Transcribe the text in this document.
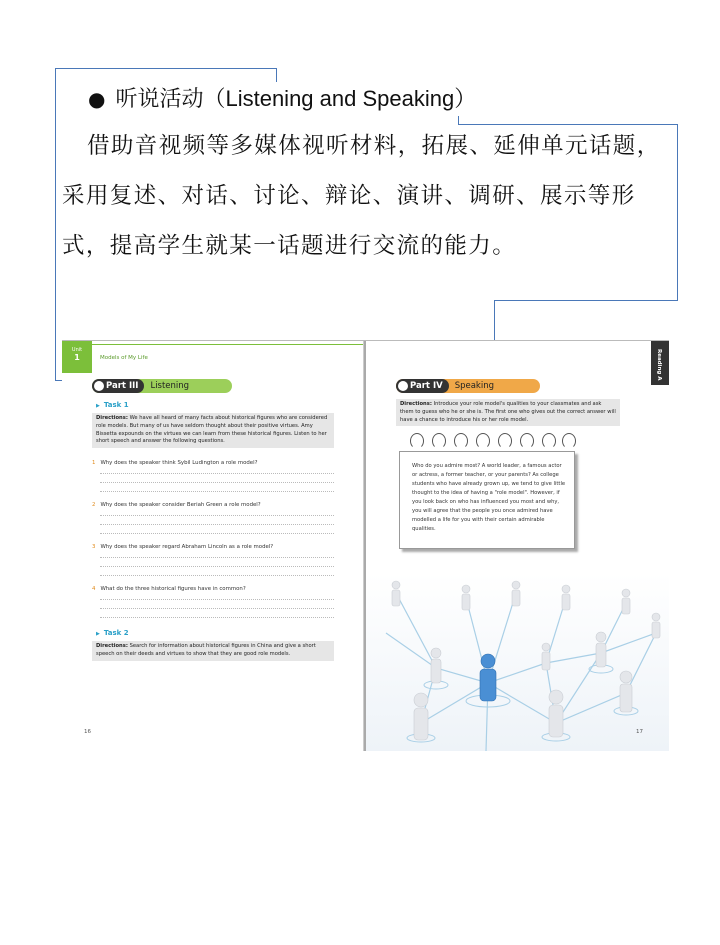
● 听说活动（Listening and Speaking）
借助音视频等多媒体视听材料，拓展、延伸单元话题，采用复述、对话、讨论、辩论、演讲、调研、展示等形式，提高学生就某一话题进行交流的能力。
Unit
1	Models of My Life
Part III	Listening
▶ Task 1
Directions: We have all heard of many facts about historical figures who are considered role models. But many of us have seldom thought about their positive virtues. Amy Bissetta expounds on the virtues we can learn from these historical figures. Listen to her short speech and answer the following questions.
1 Why does the speaker think Sybil Ludington a role model?
2 Why does the speaker consider Beriah Green a role model?
3 Why does the speaker regard Abraham Lincoln as a role model?
4 What do the three historical figures have in common?
▶ Task 2
Directions: Search for information about historical figures in China and give a short speech on their deeds and virtues to show that they are good role models.
16
Reading A
Part IV	Speaking
Directions: Introduce your role model's qualities to your classmates and ask them to guess who he or she is. The first one who gives out the correct answer will have a chance to introduce his or her role model.
Who do you admire most? A world leader, a famous actor or actress, a former teacher, or your parents? As college students who have already grown up, we tend to give little thought to the idea of having a "role model". However, if you look back on who has influenced you most and why, you will agree that the people you once admired have modelled a life for you with their certain admirable qualities.
17
